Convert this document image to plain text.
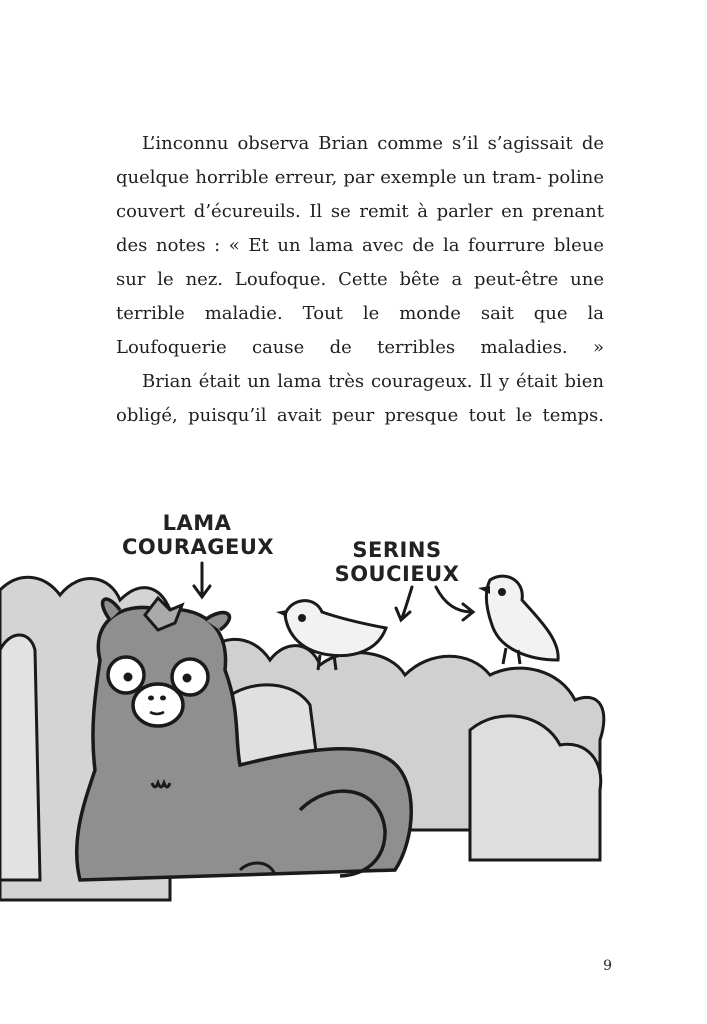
L’inconnu observa Brian comme s’il s’agissait de quelque horrible erreur, par exemple un tram- poline couvert d’écureuils. Il se remit à parler en prenant des notes : « Et un lama avec de la fourrure bleue sur le nez. Loufoque. Cette bête a peut-être une terrible maladie. Tout le monde sait que la Loufoquerie cause de terribles maladies. »

Brian était un lama très courageux. Il y était bien obligé, puisqu’il avait peur presque tout le temps.

LAMA
COURAGEUX	SERINS
SOUCIEUX
9
